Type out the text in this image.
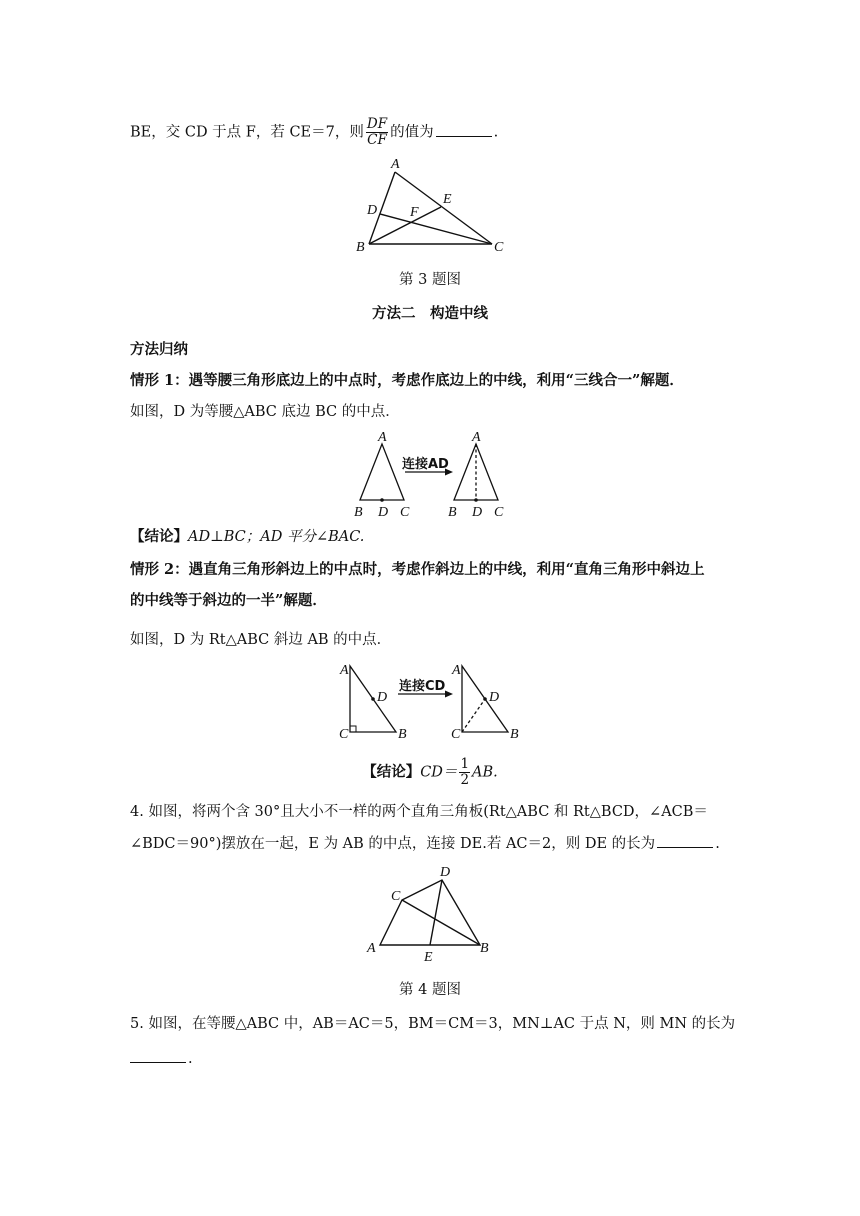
BE，交 CD 于点 F，若 CE＝7，则 $\frac{DF}{CF}$ 的值为	.
A
B	C
D
E
F
第 3 题图
方法二　构造中线
方法归纳
情形 1：遇等腰三角形底边上的中点时，考虑作底边上的中线，利用“三线合一”解题．
如图，D 为等腰△ABC 底边 BC 的中点．
连接AD
A
B D C
A
B D C
【结论】AD⊥BC；AD 平分∠BAC.
情形 2：遇直角三角形斜边上的中点时，考虑作斜边上的中线，利用“直角三角形中斜边上
的中线等于斜边的一半”解题．
如图，D 为 Rt△ABC 斜边 AB 的中点．
连接CD
A
D
C	B
A
D
C	B
【结论】$CD= \frac{1}{2}$ AB.
4. 如图，将两个含 30°且大小不一样的两个直角三角板(Rt△ABC 和 Rt△BCD，∠ACB＝
∠BDC＝90°)摆放在一起，E 为 AB 的中点，连接 DE.若 AC＝2，则 DE 的长为	.
C
D
A	B
E
第 4 题图
5. 如图，在等腰△ABC 中，AB＝AC＝5，BM＝CM＝3，MN⊥AC 于点 N，则 MN 的长为
.
